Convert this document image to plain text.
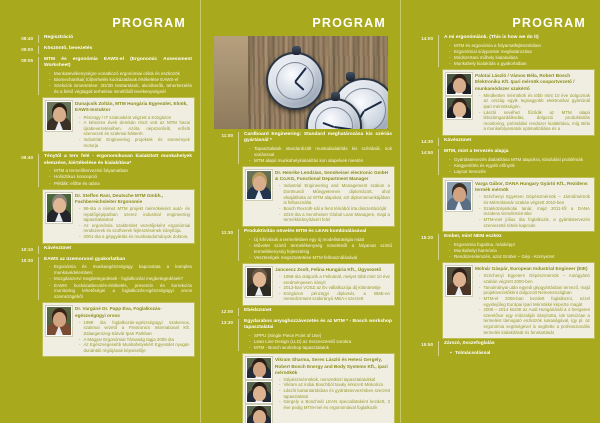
PROGRAM
08:40	Regisztráció
09:00	Köszöntő, bevezetés
09:05	MTM és ergonómia EAWS-el (Ergonomic Assessment Worksheet)
- Munkatevékenységre vonatkozó ergonómiai célok és eszközök
- Biomechanikai( túl)terhelés kockázatának értékelése EAWS-el
- Szekciók ismertetése: 2D/3D testtartások, akciókerők, teherkezelés és a felső végtagok terhelése ismétlődő tevékenységnél
Dunajcsik Zoltán, MTM Hungária Egyesület, Elnök, EAWS-Instuktor
- Pénzügy / IT szakosként végzett a Közgázon
- A kétezres évek derekán részt vett az MTM hazai újrabevezetésében. Azóta népszerűsíti, erősíti szervezeti és szakmai hátterét.
- Industrial Engineering projektek és események motorja
09:40	Ténytől a terv felé - ergonomikusan kialakított munkahelyek elemzése, kiértékelése és kialakítása*
- MTM a termelőtervezési folyamatban
- Holisztikus koncepció
- Példák: előtte és utána
Dr. Steffen Rast, Deutsche MTM Gmbh., Fachbereichsleiter Ergonomie
- 99-óta a német MTM projekt mérnökeként autó- és repülőgépiparban szerez industrial engineering tapasztalatokat
- Az ergonómia szakterület vezetőjeként ergonómiai rendszerek és szoftverek fejlesztésének irányítója.
- 2001-óta a gépgyártás és munkatudományok doktora
10:10	Kávészünet
10:30	EAWS az üzemorvosi gyakorlatban
- Ergonómia és munkaegészségügy kapcsolata a komplex munkavédelemben;
- Mozgásszervi megbetegedések - foglalkozási megbetegedések?
- EAWS kockázatbecslés-értékelés, preventív és korrekciós monitoring lehetőségei a foglalkozás-egészségügyi orvos szemszögéből
Dr. Vargáné Dr. Papp Éva, Foglalkozás-egészségügyi orvos
- 1999 óta foglalkozás-egészségügyi szakorvos, szakmai vezető a Flextronics International Kft. Zalaegerszeg-Sárvár Ipari Parkban
- A Magyar Ergonómiai Társaság tagja 2005 óta
- Az Egészségesebb Munkahelyekért Egyesület nyugat-dunántúli régiójának képviselője
PROGRAM
11:00	Cardboard Engineering: Standard meghatározása kis szériás gyártásnál *
- Tapasztalatok standardizált munkakialakítás kis szériánál, sok variánssal
- MTM alapú munkahelykialakítás kon alapelvek mentén
Dr. Henrike Lendzian, Sennheiser electronic GmbH & Co.KG, Functional Department Manager
- Industrial Engineering and Management szakon a Dortmundi Műegyetemen diplomázott, ahol elsajátította az MTM alapokat, ezt diplomamunkájában is felhasználta
- Bosch Rexroth-nál a fenti témából írta disszertációját
- 2010-óta a Sennheiser Global Lean Managere, majd a termékkirányításért felel
11:30	Produktivitás növelés MTM és LEAN kombinálásával
- Új kihívások a termelésben egy új modellstratégia miatt
- Művelet szintű termelékenység növeléstől a folyamat szintű termelékenység fejlesztésig
- Veszteségek megszüntetése MTM felhasználásával
Jancsecz Zsolt, Felina Hungária Kft., Ügyvezető
- 1998-óta dolgozik a Felinánál, melyet több mint 10 éve eredményesen irányít
- 2013-ban VOSZ az Év vállalkozója díj kitüntetettje
- Közgázon pénzügyi diplomát, a BME-en menedzsment szakirányú MBA-t szerzett
12:00	Ebédszünet
13:30	Egydarabos anyaghozzávezetés és az MTM * - Bosch workshop tapasztalatai
- SPPU (Single Piece Point of Use)
- Lean Line Design (LLD) az összeszerelő sorokra
- MTM - Bosch workshop tapasztalatok
Vikram Sharma, Seres László és Hetesi Gergely, Robert Bosch Energy and Body Systems Kft., ipari mérnökök
- Gépészmérnökök, nemzetközi tapasztalatokkal
- Vikram az indiai Boschból tavaly érkezett Miskolcra
- László kartantartásban és gyártástervezésben szerzett tapasztalatot
- Gergely a Boschnál LEAN specialistaként kezdett, 3 éve pedig MTM-mel és ergonómiával foglalkozik
PROGRAM
14:00	A mi ergonómiánk. (This is how we do it)
- MTM és ergonómia a folyamatfejlesztésben
- Ergonómiai súlypontok meghatározása
- Módszertani műhely kialakulása
- Munkahely kialakítás a gyakorlatban
Palotai László / Vámos Béla, Robert Bosch Elektronika Kft. Ipari mérnök csoportvezető / munkamódszer szakértő
- Mindketten mérnökök és több mint 10 éve dolgoznak az ország egyik legnagyobb elektronikai gyártónál ipari mérnökségén.
- László nevéhez fűződik az MTM alapú létszámgazdálkodás, dolgozói produktivitás monitoring, prémiálási rendszer kialakítása, míg Béla a munkafolyamatok optimalizálása és a
14:30	Kávészünet
14:50	MTM, mint a tervezés alapja
- Gyártástervezés átalakítása MTM alapokra, kiindulási problémák
- Kiegyenlítés és egyéb előnyök
- Layout tervezés
Varga Gábor, DANA Hungary Gyártó Kft., Rezidens termék mérnök
- Széchenyi Egyetem Gépészmérnök – Járműmérnök és Mérnöktanár szakán végzett 2010-ben
- Szakközépiskolai tanár, majd 2011-től a DANA rezidens termékmérnöke
- MTM-mel július óta foglalkozik, a gyártástervezés szervezetté tétele kapcsán
15:20	Ember, mint NEM eszköz
- Ergonómia fogalma, másképp!
- Munkahelyi harmónia
- Rendszerelemzés, azaz Ember – Gép - Környezet
Molnár Gáspár, European Industrial Engineer (EIE)
- Széchenyi Egyetem Gépészmérnök – Autógyártó szakán végzett 2000-ben
- Tanulmányai után egyedi gépgyártásban tervező, majd projektvezetőként dolgozott Németországban
- MTM-el 2006-ban kezdett foglalkozni, ezzel egyidejűleg Európai Ipari Mérnökké képezte magát
- 2008 – 2014 között az Audi Hungáriánál a 4 hengeres szerelősor egy műszakját irányította, ide tartozóan a termelést támogató eszközök sokaságával, így pl. az ergonómia segítségével is segítette a professzionális termelés kialakítását és fenntartását
15:50	Zárszó, összefoglalás
▪ Tolmácsolással
